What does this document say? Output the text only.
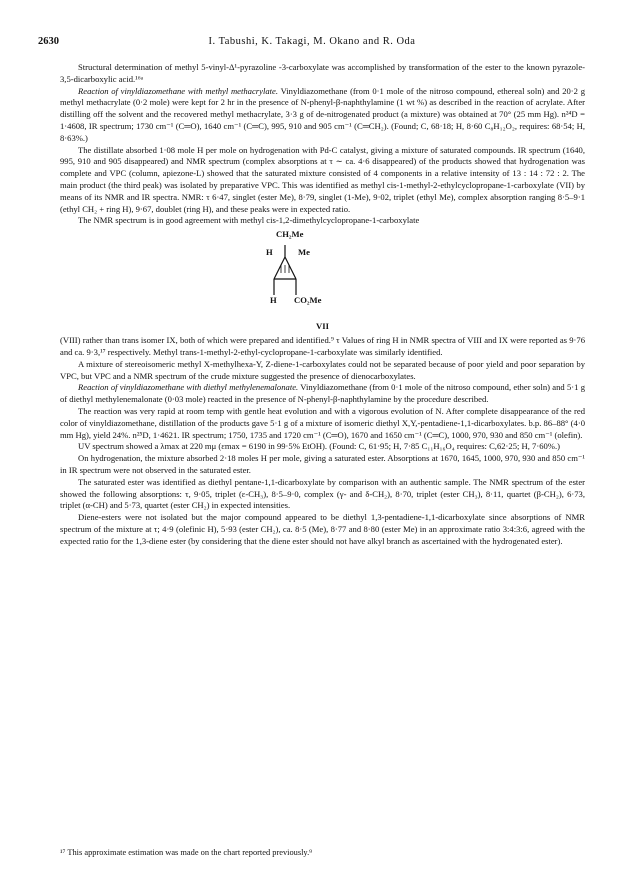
2630	I. Tabushi, K. Takagi, M. Okano and R. Oda

Structural determination of methyl 5-vinyl-Δ¹-pyrazoline -3-carboxylate was accomplished by transformation of the ester to the known pyrazole-3,5-dicarboxylic acid.¹⁶ᵃ

Reaction of vinyldiazomethane with methyl methacrylate. Vinyldiazomethane (from 0·1 mole of the nitroso compound, ethereal soln) and 20·2 g methyl methacrylate (0·2 mole) were kept for 2 hr in the presence of N-phenyl-β-naphthylamine (1 wt %) as described in the reaction of acrylate. After distilling off the solvent and the recovered methyl methacrylate, 3·3 g of de-nitrogenated product (a mixture) was obtained at 70° (25 mm Hg). n²⁴D = 1·4608, IR spectrum; 1730 cm⁻¹ (C═O), 1640 cm⁻¹ (C═C), 995, 910 and 905 cm⁻¹ (C═CH₂). (Found; C, 68·18; H, 8·60 C₈H₁₂O₂, requires: 68·54; H, 8·63%.)

The distillate absorbed 1·08 mole H per mole on hydrogenation with Pd-C catalyst, giving a mixture of saturated compounds. IR spectrum (1640, 995, 910 and 905 disappeared) and NMR spectrum (complex absorptions at τ ∼ ca. 4·6 disappeared) of the products showed that hydrogenation was complete and VPC (column, apiezone-L) showed that the saturated mixture consisted of 4 components in a relative intensity of 13 : 14 : 72 : 2. The main product (the third peak) was isolated by preparative VPC. This was identified as methyl cis-1-methyl-2-ethylcyclopropane-1-carboxylate (VII) by means of its NMR and IR spectra. NMR: τ 6·47, singlet (ester Me), 8·79, singlet (1-Me), 9·02, triplet (ethyl Me), complex absorption ranging 8·5–9·1 (ethyl CH₂ + ring H), 9·67, doublet (ring H), and these peaks were in expected ratio.

The NMR spectrum is in good agreement with methyl cis-1,2-dimethylcyclopropane-1-carboxylate

CH₂Me
H	Me
H CO₂Me
VII

(VIII) rather than trans isomer IX, both of which were prepared and identified.⁹ τ Values of ring H in NMR spectra of VIII and IX were reported as 9·76 and ca. 9·3,¹⁷ respectively. Methyl trans-1-methyl-2-ethyl-cyclopropane-1-carboxylate was similarly identified.

A mixture of stereoisomeric methyl X-methylhexa-Y, Z-diene-1-carboxylates could not be separated because of poor yield and poor separation by VPC, but VPC and a NMR spectrum of the crude mixture suggested the presence of dienocarboxylates.

Reaction of vinyldiazomethane with diethyl methylenemalonate. Vinyldiazomethane (from 0·1 mole of the nitroso compound, ether soln) and 5·1 g of diethyl methylenemalonate (0·03 mole) reacted in the presence of N-phenyl-β-naphthylamine by the procedure described.

The reaction was very rapid at room temp with gentle heat evolution and with a vigorous evolution of N. After complete disappearance of the red color of vinyldiazomethane, distillation of the products gave 5·1 g of a mixture of isomeric diethyl X,Y,-pentadiene-1,1-dicarboxylates. b.p. 86–88° (4·0 mm Hg), yield 24%. n²⁵D, 1·4621. IR spectrum; 1750, 1735 and 1720 cm⁻¹ (C═O), 1670 and 1650 cm⁻¹ (C═C), 1000, 970, 930 and 850 cm⁻¹ (olefin).

UV spectrum showed a λmax at 220 mμ (εmax = 6190 in 99·5% EtOH). (Found: C, 61·95; H, 7·85 C₁₁H₁₆O₄ requires: C,62·25; H, 7·60%.)

On hydrogenation, the mixture absorbed 2·18 moles H per mole, giving a saturated ester. Absorptions at 1670, 1645, 1000, 970, 930 and 850 cm⁻¹ in IR spectrum were not observed in the saturated ester.

The saturated ester was identified as diethyl pentane-1,1-dicarboxylate by comparison with an authentic sample. The NMR spectrum of the ester showed the following absorptions: τ, 9·05, triplet (ε-CH₃), 8·5–9·0, complex (γ- and δ-CH₂), 8·70, triplet (ester CH₃), 8·11, quartet (β-CH₂), 6·73, triplet (α-CH) and 5·73, quartet (ester CH₂) in expected intensities.

Diene-esters were not isolated but the major compound appeared to be diethyl 1,3-pentadiene-1,1-dicarboxylate since absorptions of NMR spectrum of the mixture at τ; 4·9 (olefinic H), 5·93 (ester CH₂), ca. 8·5 (Me), 8·77 and 8·80 (ester Me) in an approximate ratio 3:4:3:6, agreed with the expected ratio for the 1,3-diene ester (by considering that the diene ester should not have alkyl branch as ascertained with the hydrogenated ester).

¹⁷ This approximate estimation was made on the chart reported previously.⁹
